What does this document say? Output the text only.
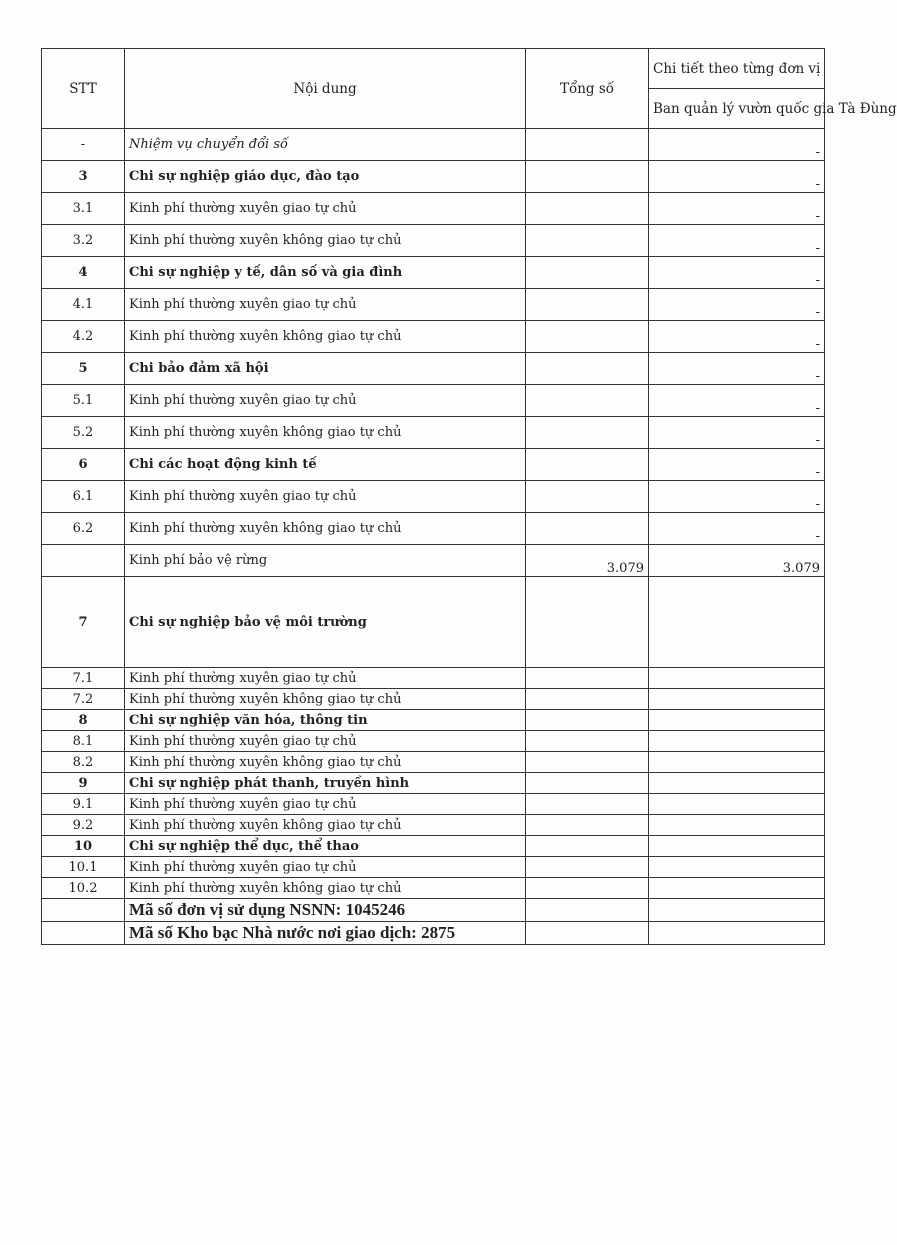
STT	Nội dung	Tổng số	Chi tiết theo từng đơn vị
			Ban quản lý vườn quốc gia Tà Đùng
-	Nhiệm vụ chuyển đổi số		-
3	Chi sự nghiệp giáo dục, đào tạo		-
3.1	Kinh phí thường xuyên giao tự chủ		-
3.2	Kinh phí thường xuyên không giao tự chủ		-
4	Chi sự nghiệp y tế, dân số và gia đình		-
4.1	Kinh phí thường xuyên giao tự chủ		-
4.2	Kinh phí thường xuyên không giao tự chủ		-
5	Chi bảo đảm xã hội		-
5.1	Kinh phí thường xuyên giao tự chủ		-
5.2	Kinh phí thường xuyên không giao tự chủ		-
6	Chi các hoạt động kinh tế		-
6.1	Kinh phí thường xuyên giao tự chủ		-
6.2	Kinh phí thường xuyên không giao tự chủ		-
	Kinh phí bảo vệ rừng	3.079	3.079
7	Chi sự nghiệp bảo vệ môi trường		
7.1	Kinh phí thường xuyên giao tự chủ		
7.2	Kinh phí thường xuyên không giao tự chủ		
8	Chi sự nghiệp văn hóa, thông tin		
8.1	Kinh phí thường xuyên giao tự chủ		
8.2	Kinh phí thường xuyên không giao tự chủ		
9	Chi sự nghiệp phát thanh, truyền hình		
9.1	Kinh phí thường xuyên giao tự chủ		
9.2	Kinh phí thường xuyên không giao tự chủ		
10	Chi sự nghiệp thể dục, thể thao		
10.1	Kinh phí thường xuyên giao tự chủ		
10.2	Kinh phí thường xuyên không giao tự chủ		
	Mã số đơn vị sử dụng NSNN: 1045246		
	Mã số Kho bạc Nhà nước nơi giao dịch: 2875		
